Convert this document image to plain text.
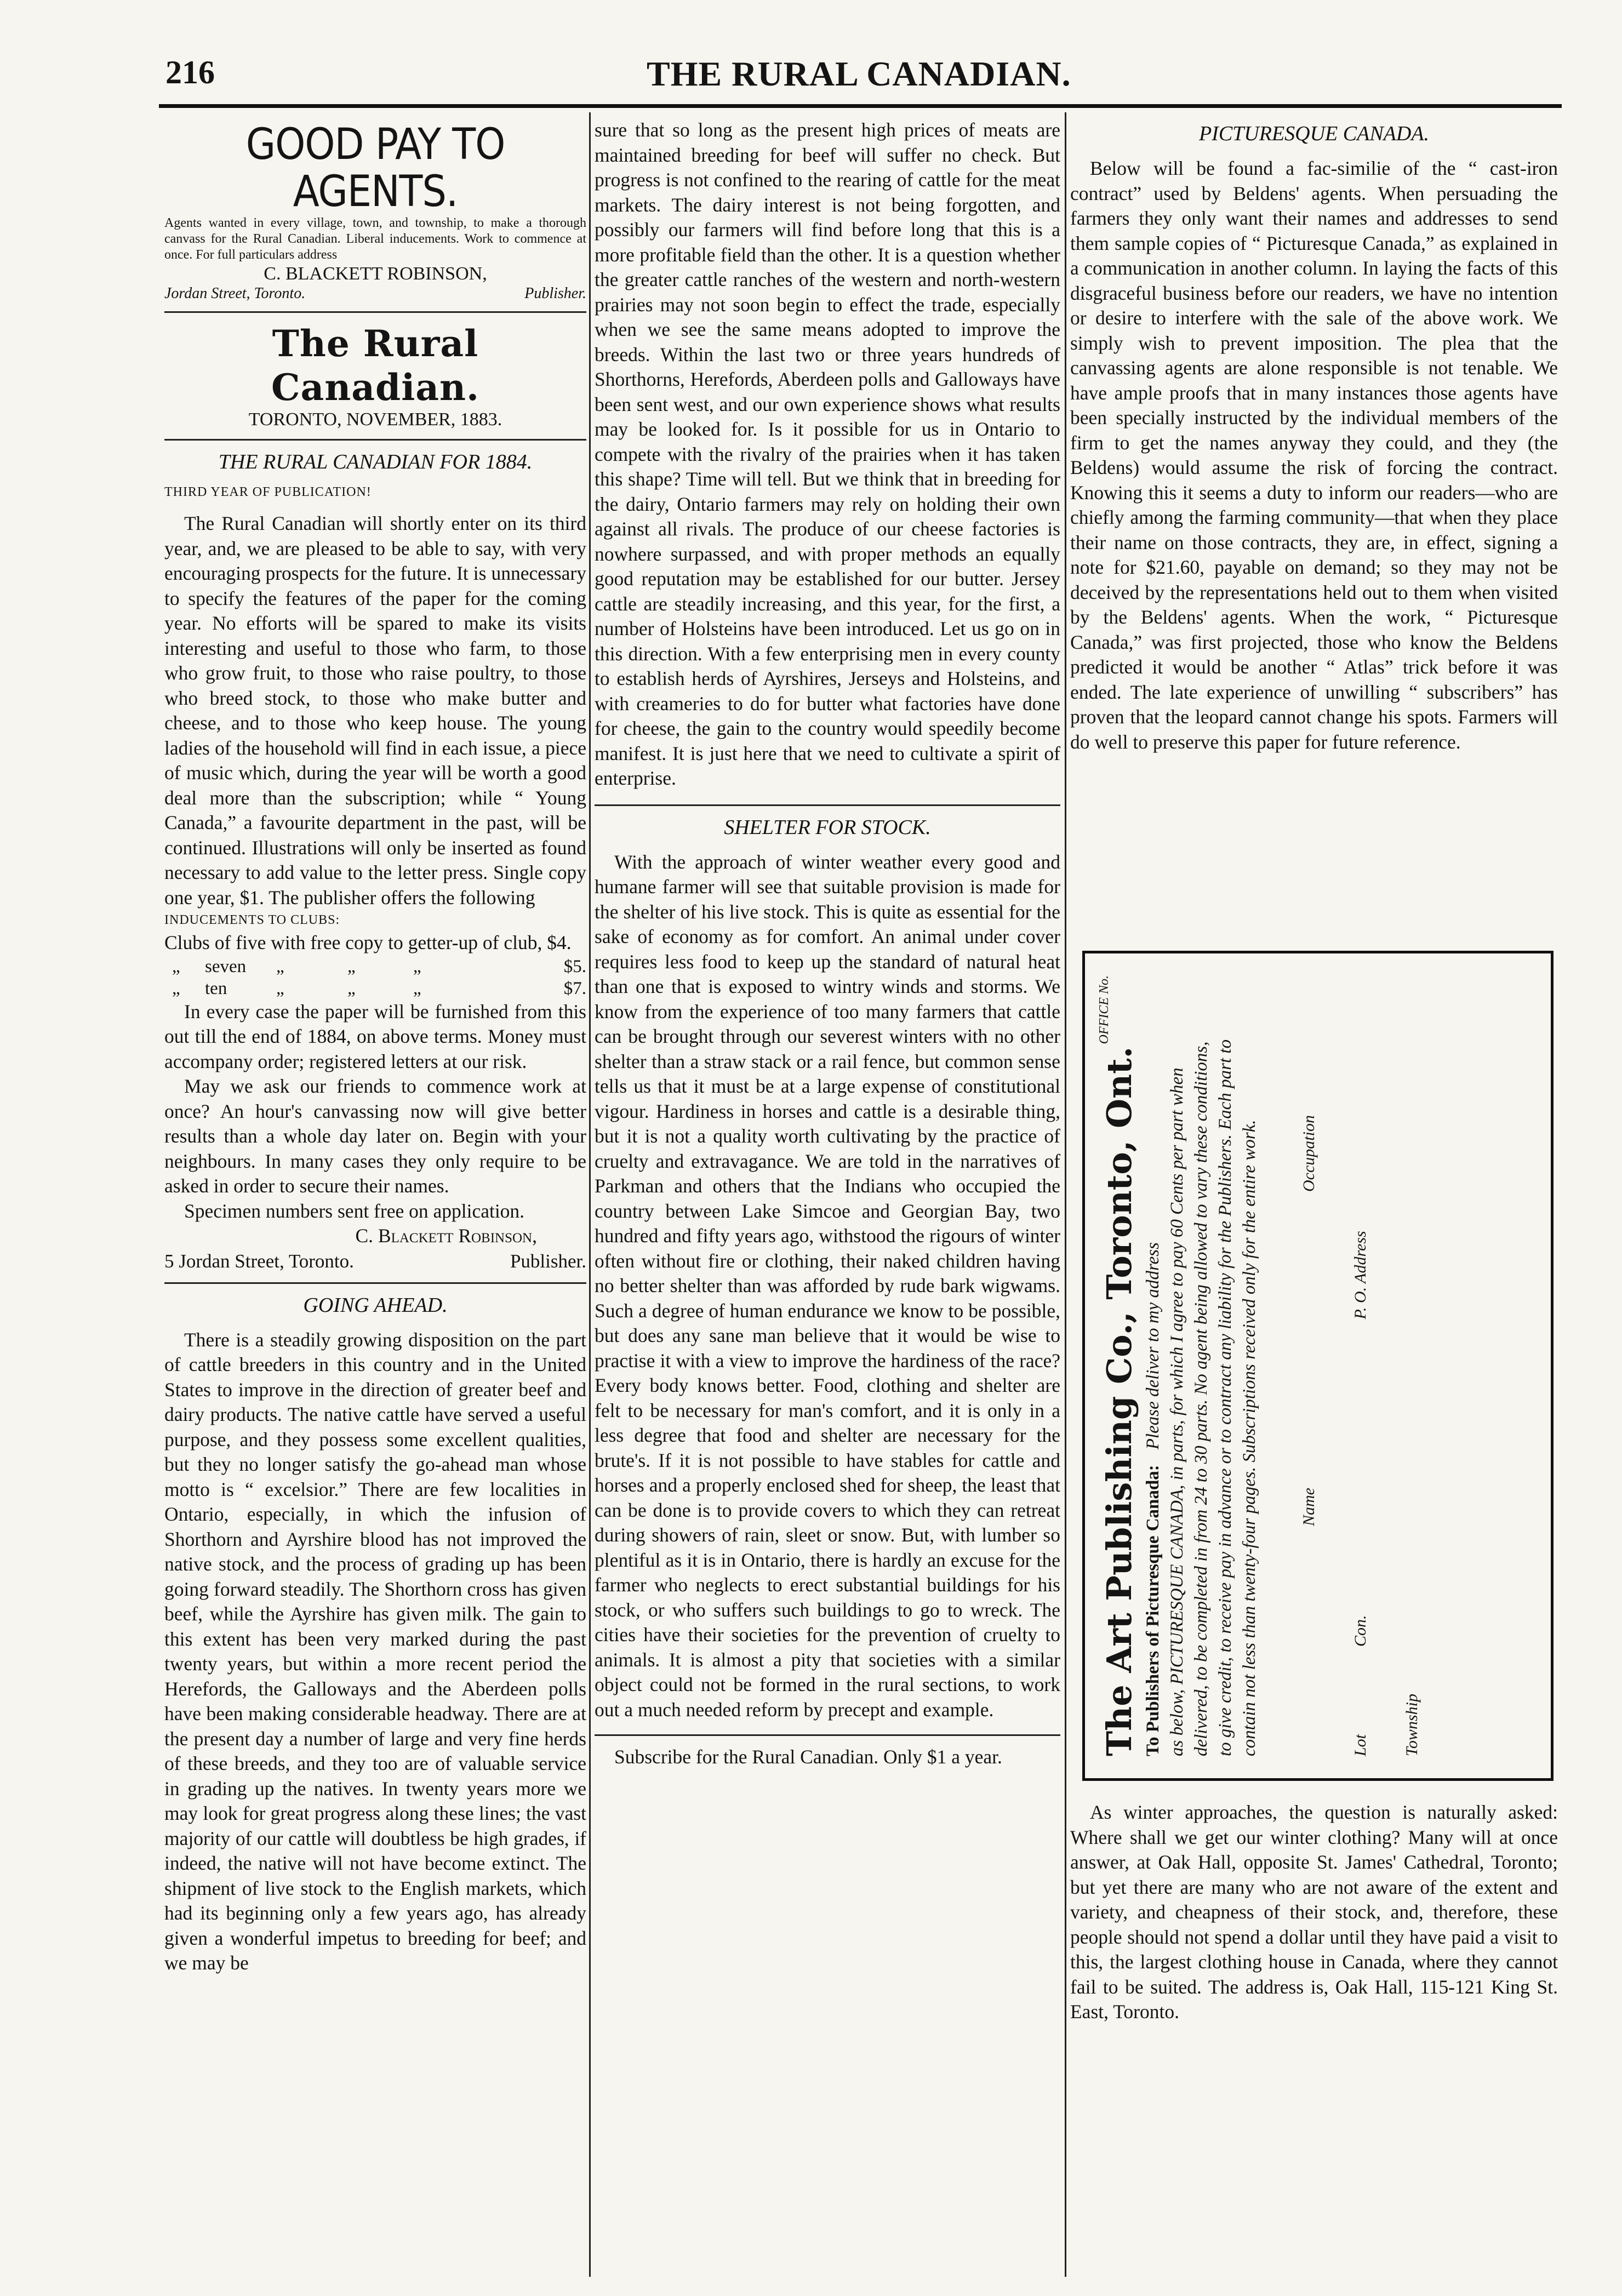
216	THE RURAL CANADIAN.
GOOD PAY TO AGENTS.

Agents wanted in every village, town, and township, to make a thorough canvass for the Rural Canadian. Liberal inducements. Work to commence at once. For full particulars address

C. BLACKETT ROBINSON,
Jordan Street, Toronto.	Publisher.
The Rural Canadian.
TORONTO, NOVEMBER, 1883.
THE RURAL CANADIAN FOR 1884.

THIRD YEAR OF PUBLICATION!

The Rural Canadian will shortly enter on its third year, and, we are pleased to be able to say, with very encouraging prospects for the future. It is unnecessary to specify the features of the paper for the coming year. No efforts will be spared to make its visits interesting and useful to those who farm, to those who grow fruit, to those who raise poultry, to those who breed stock, to those who make butter and cheese, and to those who keep house. The young ladies of the household will find in each issue, a piece of music which, during the year will be worth a good deal more than the subscription; while “ Young Canada,” a favourite department in the past, will be continued. Illustrations will only be inserted as found necessary to add value to the letter press. Single copy one year, $1. The publisher offers the following

INDUCEMENTS TO CLUBS:

Clubs of five with free copy to getter-up of club, $4.

„	seven	„	„	„	$5.
„	ten	„	„	„	$7.

In every case the paper will be furnished from this out till the end of 1884, on above terms. Money must accompany order; registered letters at our risk.

May we ask our friends to commence work at once? An hour's canvassing now will give better results than a whole day later on. Begin with your neighbours. In many cases they only require to be asked in order to secure their names.

Specimen numbers sent free on application.

C. Blackett Robinson,

5 Jordan Street, Toronto.	Publisher.
GOING AHEAD.

There is a steadily growing disposition on the part of cattle breeders in this country and in the United States to improve in the direction of greater beef and dairy products. The native cattle have served a useful purpose, and they possess some excellent qualities, but they no longer satisfy the go-ahead man whose motto is “ excelsior.” There are few localities in Ontario, especially, in which the infusion of Shorthorn and Ayrshire blood has not improved the native stock, and the process of grading up has been going forward steadily. The Shorthorn cross has given beef, while the Ayrshire has given milk. The gain to this extent has been very marked during the past twenty years, but within a more recent period the Herefords, the Galloways and the Aberdeen polls have been making considerable headway. There are at the present day a number of large and very fine herds of these breeds, and they too are of valuable service in grading up the natives. In twenty years more we may look for great progress along these lines; the vast majority of our cattle will doubtless be high grades, if indeed, the native will not have become extinct. The shipment of live stock to the English markets, which had its beginning only a few years ago, has already given a wonderful impetus to breeding for beef; and we may be

sure that so long as the present high prices of meats are maintained breeding for beef will suffer no check. But progress is not confined to the rearing of cattle for the meat markets. The dairy interest is not being forgotten, and possibly our farmers will find before long that this is a more profitable field than the other. It is a question whether the greater cattle ranches of the western and north-western prairies may not soon begin to effect the trade, especially when we see the same means adopted to improve the breeds. Within the last two or three years hundreds of Shorthorns, Herefords, Aberdeen polls and Galloways have been sent west, and our own experience shows what results may be looked for. Is it possible for us in Ontario to compete with the rivalry of the prairies when it has taken this shape? Time will tell. But we think that in breeding for the dairy, Ontario farmers may rely on holding their own against all rivals. The produce of our cheese factories is nowhere surpassed, and with proper methods an equally good reputation may be established for our butter. Jersey cattle are steadily increasing, and this year, for the first, a number of Holsteins have been introduced. Let us go on in this direction. With a few enterprising men in every county to establish herds of Ayrshires, Jerseys and Holsteins, and with creameries to do for butter what factories have done for cheese, the gain to the country would speedily become manifest. It is just here that we need to cultivate a spirit of enterprise.

SHELTER FOR STOCK.

With the approach of winter weather every good and humane farmer will see that suitable provision is made for the shelter of his live stock. This is quite as essential for the sake of economy as for comfort. An animal under cover requires less food to keep up the standard of natural heat than one that is exposed to wintry winds and storms. We know from the experience of too many farmers that cattle can be brought through our severest winters with no other shelter than a straw stack or a rail fence, but common sense tells us that it must be at a large expense of constitutional vigour. Hardiness in horses and cattle is a desirable thing, but it is not a quality worth cultivating by the practice of cruelty and extravagance. We are told in the narratives of Parkman and others that the Indians who occupied the country between Lake Simcoe and Georgian Bay, two hundred and fifty years ago, withstood the rigours of winter often without fire or clothing, their naked children having no better shelter than was afforded by rude bark wigwams. Such a degree of human endurance we know to be possible, but does any sane man believe that it would be wise to practise it with a view to improve the hardiness of the race? Every body knows better. Food, clothing and shelter are felt to be necessary for man's comfort, and it is only in a less degree that food and shelter are necessary for the brute's. If it is not possible to have stables for cattle and horses and a properly enclosed shed for sheep, the least that can be done is to provide covers to which they can retreat during showers of rain, sleet or snow. But, with lumber so plentiful as it is in Ontario, there is hardly an excuse for the farmer who neglects to erect substantial buildings for his stock, or who suffers such buildings to go to wreck. The cities have their societies for the prevention of cruelty to animals. It is almost a pity that societies with a similar object could not be formed in the rural sections, to work out a much needed reform by precept and example.

Subscribe for the Rural Canadian. Only $1 a year.

PICTURESQUE CANADA.

Below will be found a fac-similie of the “ cast-iron contract” used by Beldens' agents. When persuading the farmers they only want their names and addresses to send them sample copies of “ Picturesque Canada,” as explained in a communication in another column. In laying the facts of this disgraceful business before our readers, we have no intention or desire to interfere with the sale of the above work. We simply wish to prevent imposition. The plea that the canvassing agents are alone responsible is not tenable. We have ample proofs that in many instances those agents have been specially instructed by the individual members of the firm to get the names anyway they could, and they (the Beldens) would assume the risk of forcing the contract. Knowing this it seems a duty to inform our readers—who are chiefly among the farming community—that when they place their name on those contracts, they are, in effect, signing a note for $21.60, payable on demand; so they may not be deceived by the representations held out to them when visited by the Beldens' agents. When the work, “ Picturesque Canada,” was first projected, those who know the Beldens predicted it would be another “ Atlas” trick before it was ended. The late experience of unwilling “ subscribers” has proven that the leopard cannot change his spots. Farmers will do well to preserve this paper for future reference.

OFFICE No.
The Art Publishing Co., Toronto, Ont. To Publishers of Picturesque Canada:
Please deliver to my address as below, PICTURESQUE CANADA, in parts, for which I agree to pay 60 Cents per part when delivered, to be completed in from 24 to 30 parts. No agent being allowed to vary these conditions, to give credit, to receive pay in advance or to contract any liability for the Publishers. Each part to contain not less than twenty-four pages. Subscriptions received only for the entire work. Name
Occupation
Lot
Con.
P. O. Address
Township

As winter approaches, the question is naturally asked: Where shall we get our winter clothing? Many will at once answer, at Oak Hall, opposite St. James' Cathedral, Toronto; but yet there are many who are not aware of the extent and variety, and cheapness of their stock, and, therefore, these people should not spend a dollar until they have paid a visit to this, the largest clothing house in Canada, where they cannot fail to be suited. The address is, Oak Hall, 115-121 King St. East, Toronto.
